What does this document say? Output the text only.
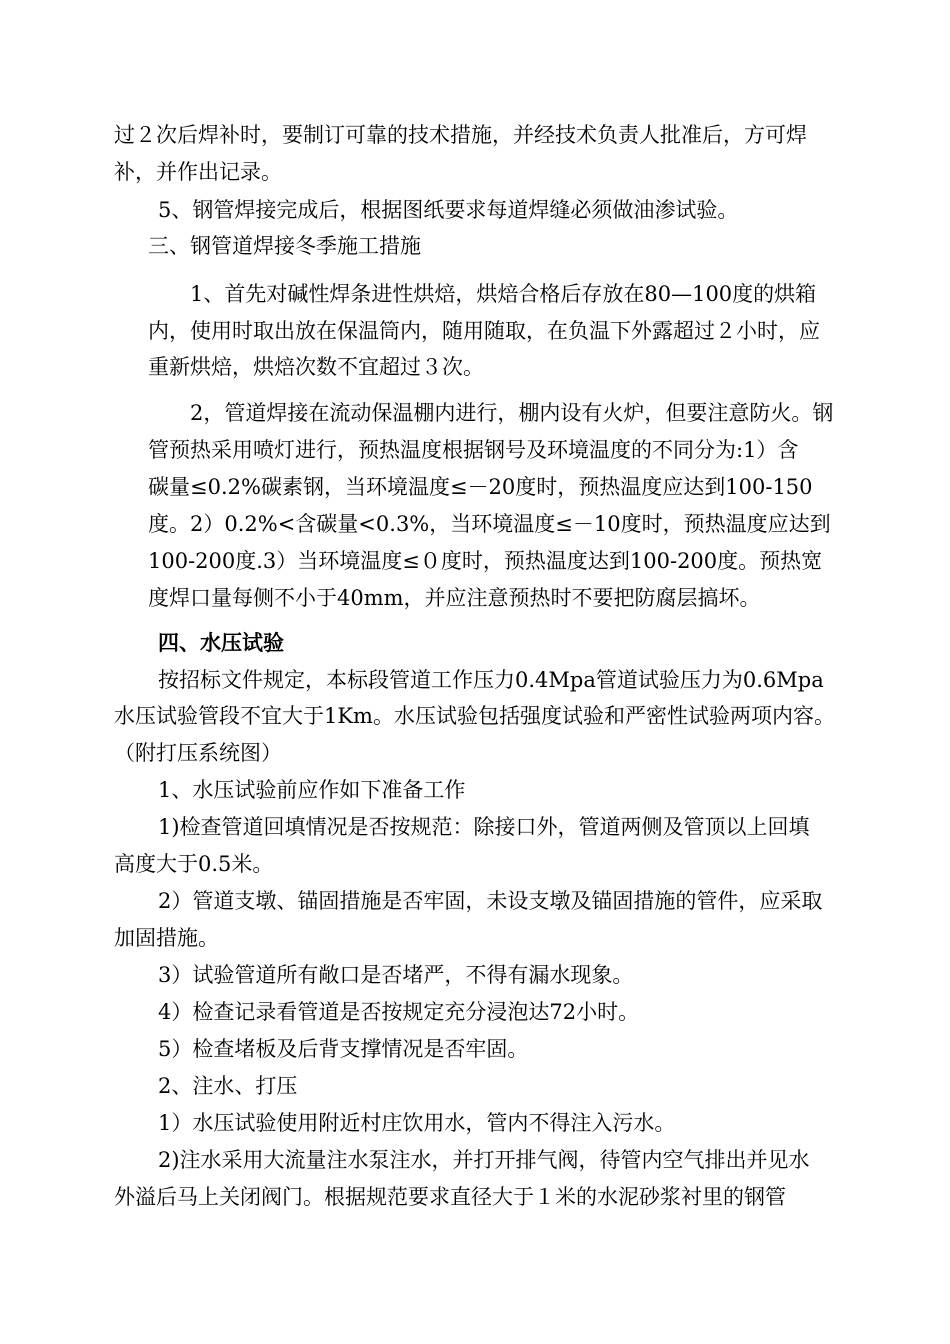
过２次后焊补时，要制订可靠的技术措施，并经技术负责人批准后，方可焊
补，并作出记录。
5、钢管焊接完成后，根据图纸要求每道焊缝必须做油渗试验。
三、钢管道焊接冬季施工措施
1、首先对碱性焊条进性烘焙，烘焙合格后存放在80—100度的烘箱
内，使用时取出放在保温筒内，随用随取，在负温下外露超过２小时，应
重新烘焙，烘焙次数不宜超过３次。
2，管道焊接在流动保温棚内进行，棚内设有火炉，但要注意防火。钢
管预热采用喷灯进行，预热温度根据钢号及环境温度的不同分为:1）含
碳量≤0.2%碳素钢，当环境温度≤－20度时，预热温度应达到100-150
度。2）0.2%<含碳量<0.3%，当环境温度≤－10度时，预热温度应达到
100-200度.3）当环境温度≤０度时，预热温度达到100-200度。预热宽
度焊口量每侧不小于40mm，并应注意预热时不要把防腐层搞坏。
四、水压试验
按招标文件规定，本标段管道工作压力0.4Mpa管道试验压力为0.6Mpa
水压试验管段不宜大于1Km。水压试验包括强度试验和严密性试验两项内容。
（附打压系统图）
1、水压试验前应作如下准备工作
1)检查管道回填情况是否按规范：除接口外，管道两侧及管顶以上回填
高度大于0.5米。
2）管道支墩、锚固措施是否牢固，未设支墩及锚固措施的管件，应采取
加固措施。
3）试验管道所有敞口是否堵严，不得有漏水现象。
4）检查记录看管道是否按规定充分浸泡达72小时。
5）检查堵板及后背支撑情况是否牢固。
2、注水、打压
1）水压试验使用附近村庄饮用水，管内不得注入污水。
2)注水采用大流量注水泵注水，并打开排气阀，待管内空气排出并见水
外溢后马上关闭阀门。根据规范要求直径大于１米的水泥砂浆衬里的钢管
